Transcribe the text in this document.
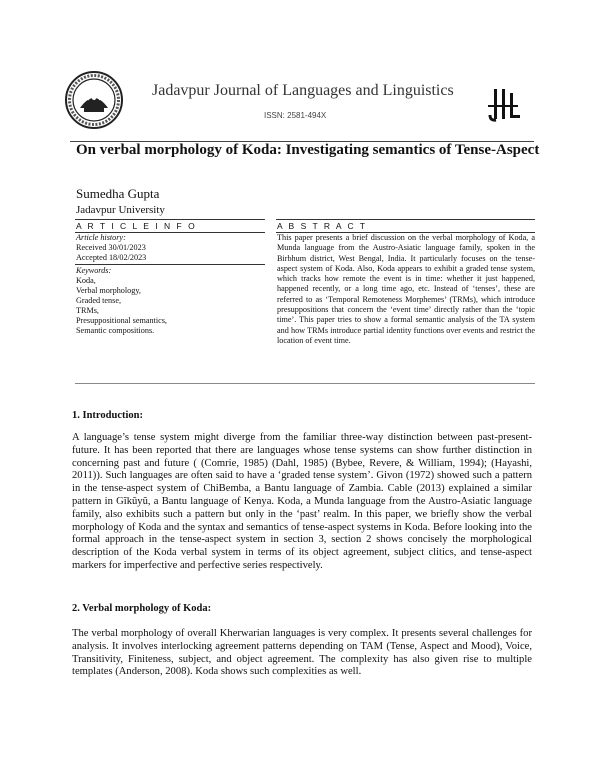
Jadavpur Journal of Languages and Linguistics
ISSN: 2581-494X
On verbal morphology of Koda: Investigating semantics of Tense-Aspect
Sumedha Gupta
Jadavpur University
A R T I C L E I N F O
Article history:
Received 30/01/2023
Accepted 18/02/2023
Keywords:
Koda,
Verbal morphology,
Graded tense,
TRMs,
Presuppositional semantics,
Semantic compositions.
A B S T R A C T
This paper presents a brief discussion on the verbal morphology of Koda, a Munda language from the Austro-Asiatic language family, spoken in the Birbhum district, West Bengal, India. It particularly focuses on the tense-aspect system of Koda. Also, Koda appears to exhibit a graded tense system, which tracks how remote the event is in time: whether it just happened, happened recently, or a long time ago, etc. Instead of ‘tenses’, these are referred to as ‘Temporal Remoteness Morphemes’ (TRMs), which introduce presuppositions that concern the ‘event time’ directly rather than the ‘topic time’. This paper tries to show a formal semantic analysis of the TA system and how TRMs introduce partial identity functions over events and restrict the location of event time.
1. Introduction:
A language’s tense system might diverge from the familiar three-way distinction between past-present-future. It has been reported that there are languages whose tense systems can show further distinction in concerning past and future ( (Comrie, 1985) (Dahl, 1985) (Bybee, Revere, & William, 1994); (Hayashi, 2011)). Such languages are often said to have a ‘graded tense system’. Givon (1972) showed such a pattern in the tense-aspect system of ChiBemba, a Bantu language of Zambia. Cable (2013) explained a similar pattern in Gĩkũyũ, a Bantu language of Kenya. Koda, a Munda language from the Austro-Asiatic language family, also exhibits such a pattern but only in the ‘past’ realm. In this paper, we briefly show the verbal morphology of Koda and the syntax and semantics of tense-aspect systems in Koda. Before looking into the formal approach in the tense-aspect system in section 3, section 2 shows concisely the morphological description of the Koda verbal system in terms of its object agreement, subject clitics, and tense-aspect markers for imperfective and perfective series respectively.
2. Verbal morphology of Koda:
The verbal morphology of overall Kherwarian languages is very complex. It presents several challenges for analysis. It involves interlocking agreement patterns depending on TAM (Tense, Aspect and Mood), Voice, Transitivity, Finiteness, subject, and object agreement. The complexity has also given rise to multiple templates (Anderson, 2008). Koda shows such complexities as well.
